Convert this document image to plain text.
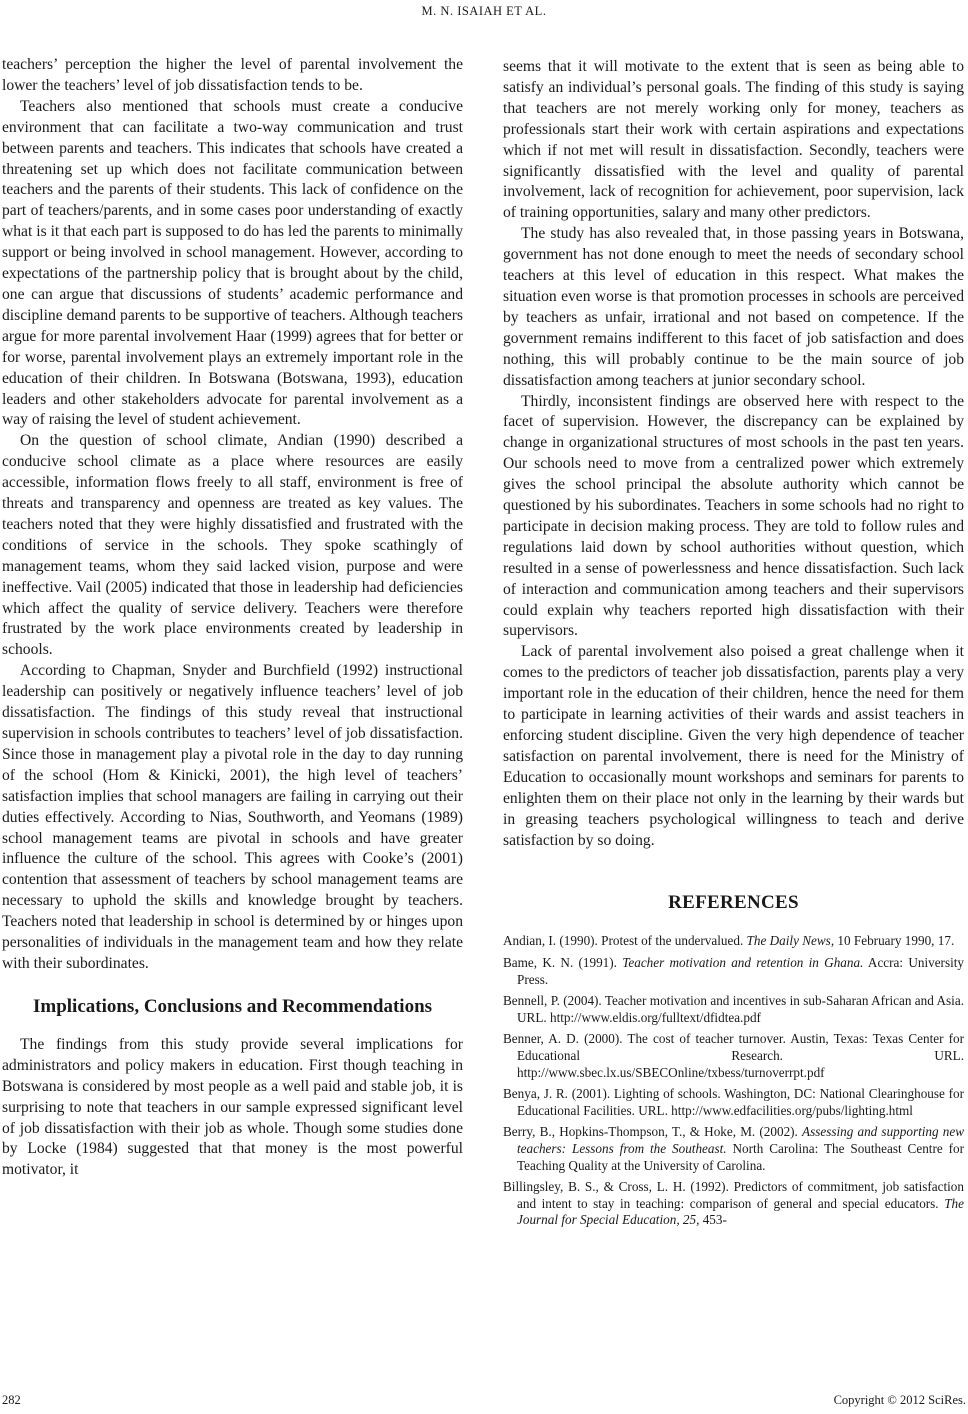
M. N. ISAIAH ET AL.

teachers’ perception the higher the level of parental involvement the lower the teachers’ level of job dissatisfaction tends to be.

Teachers also mentioned that schools must create a conducive environment that can facilitate a two-way communication and trust between parents and teachers. This indicates that schools have created a threatening set up which does not facilitate communication between teachers and the parents of their students. This lack of confidence on the part of teachers/parents, and in some cases poor understanding of exactly what is it that each part is supposed to do has led the parents to minimally support or being involved in school management. However, according to expectations of the partnership policy that is brought about by the child, one can argue that discussions of students’ academic performance and discipline demand parents to be supportive of teachers. Although teachers argue for more parental involvement Haar (1999) agrees that for better or for worse, parental involvement plays an extremely important role in the education of their children. In Botswana (Botswana, 1993), education leaders and other stakeholders advocate for parental involvement as a way of raising the level of student achievement.

On the question of school climate, Andian (1990) described a conducive school climate as a place where resources are easily accessible, information flows freely to all staff, environment is free of threats and transparency and openness are treated as key values. The teachers noted that they were highly dissatisfied and frustrated with the conditions of service in the schools. They spoke scathingly of management teams, whom they said lacked vision, purpose and were ineffective. Vail (2005) indicated that those in leadership had deficiencies which affect the quality of service delivery. Teachers were therefore frustrated by the work place environments created by leadership in schools.

According to Chapman, Snyder and Burchfield (1992) instructional leadership can positively or negatively influence teachers’ level of job dissatisfaction. The findings of this study reveal that instructional supervision in schools contributes to teachers’ level of job dissatisfaction. Since those in management play a pivotal role in the day to day running of the school (Hom & Kinicki, 2001), the high level of teachers’ satisfaction implies that school managers are failing in carrying out their duties effectively. According to Nias, Southworth, and Yeomans (1989) school management teams are pivotal in schools and have greater influence the culture of the school. This agrees with Cooke’s (2001) contention that assessment of teachers by school management teams are necessary to uphold the skills and knowledge brought by teachers. Teachers noted that leadership in school is determined by or hinges upon personalities of individuals in the management team and how they relate with their subordinates.

Implications, Conclusions and Recommendations

The findings from this study provide several implications for administrators and policy makers in education. First though teaching in Botswana is considered by most people as a well paid and stable job, it is surprising to note that teachers in our sample expressed significant level of job dissatisfaction with their job as whole. Though some studies done by Locke (1984) suggested that that money is the most powerful motivator, it

seems that it will motivate to the extent that is seen as being able to satisfy an individual’s personal goals. The finding of this study is saying that teachers are not merely working only for money, teachers as professionals start their work with certain aspirations and expectations which if not met will result in dissatisfaction. Secondly, teachers were significantly dissatisfied with the level and quality of parental involvement, lack of recognition for achievement, poor supervision, lack of training opportunities, salary and many other predictors.

The study has also revealed that, in those passing years in Botswana, government has not done enough to meet the needs of secondary school teachers at this level of education in this respect. What makes the situation even worse is that promotion processes in schools are perceived by teachers as unfair, irrational and not based on competence. If the government remains indifferent to this facet of job satisfaction and does nothing, this will probably continue to be the main source of job dissatisfaction among teachers at junior secondary school.

Thirdly, inconsistent findings are observed here with respect to the facet of supervision. However, the discrepancy can be explained by change in organizational structures of most schools in the past ten years. Our schools need to move from a centralized power which extremely gives the school principal the absolute authority which cannot be questioned by his subordinates. Teachers in some schools had no right to participate in decision making process. They are told to follow rules and regulations laid down by school authorities without question, which resulted in a sense of powerlessness and hence dissatisfaction. Such lack of interaction and communication among teachers and their supervisors could explain why teachers reported high dissatisfaction with their supervisors.

Lack of parental involvement also poised a great challenge when it comes to the predictors of teacher job dissatisfaction, parents play a very important role in the education of their children, hence the need for them to participate in learning activities of their wards and assist teachers in enforcing student discipline. Given the very high dependence of teacher satisfaction on parental involvement, there is need for the Ministry of Education to occasionally mount workshops and seminars for parents to enlighten them on their place not only in the learning by their wards but in greasing teachers psychological willingness to teach and derive satisfaction by so doing.

REFERENCES
Andian, I. (1990). Protest of the undervalued. The Daily News, 10 February 1990, 17.
Bame, K. N. (1991). Teacher motivation and retention in Ghana. Accra: University Press.
Bennell, P. (2004). Teacher motivation and incentives in sub-Saharan African and Asia. URL. http://www.eldis.org/fulltext/dfidtea.pdf
Benner, A. D. (2000). The cost of teacher turnover. Austin, Texas: Texas Center for Educational Research. URL. http://www.sbec.lx.us/SBECOnline/txbess/turnoverrpt.pdf
Benya, J. R. (2001). Lighting of schools. Washington, DC: National Clearinghouse for Educational Facilities. URL. http://www.edfacilities.org/pubs/lighting.html
Berry, B., Hopkins-Thompson, T., & Hoke, M. (2002). Assessing and supporting new teachers: Lessons from the Southeast. North Carolina: The Southeast Centre for Teaching Quality at the University of Carolina.
Billingsley, B. S., & Cross, L. H. (1992). Predictors of commitment, job satisfaction and intent to stay in teaching: comparison of general and special educators. The Journal for Special Education, 25, 453-
282	Copyright © 2012 SciRes.
